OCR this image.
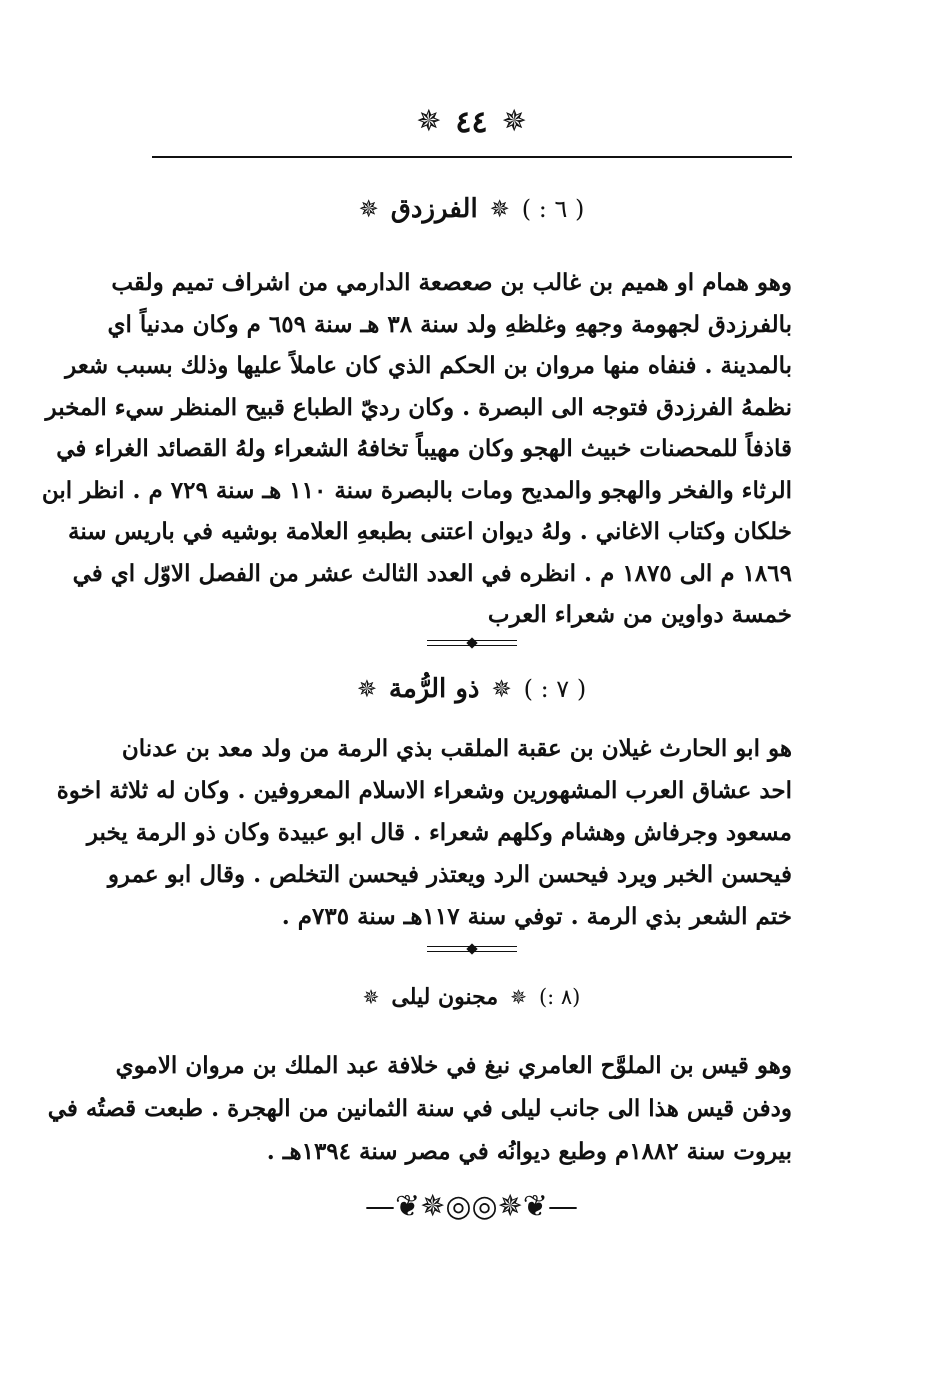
✵
٤٤
✵
( ٦ : )
✵
الفرزدق
✵
وهو همام او هميم بن غالب بن صعصعة الدارمي من اشراف تميم ولقب
بالفرزدق لجهومة وجههِ وغلظهِ ولد سنة ٣٨ هـ سنة ٦٥٩ م وكان مدنياً اي
بالمدينة . فنفاه منها مروان بن الحكم الذي كان عاملاً عليها وذلك بسبب شعر
نظمهُ الفرزدق فتوجه الى البصرة . وكان رديّ الطباع قبيح المنظر سيء المخبر
قاذفاً للمحصنات خبيث الهجو وكان مهيباً تخافهُ الشعراء ولهُ القصائد الغراء في
الرثاء والفخر والهجو والمديح ومات بالبصرة سنة ١١٠ هـ سنة ٧٢٩ م . انظر ابن
خلكان وكتاب الاغاني . ولهُ ديوان اعتنى بطبعهِ العلامة بوشيه في باريس سنة
١٨٦٩ م الى ١٨٧٥ م . انظره في العدد الثالث عشر من الفصل الاوّل اي في
خمسة دواوين من شعراء العرب
( ٧ : )
✵
ذو الرُّمة
✵
هو ابو الحارث غيلان بن عقبة الملقب بذي الرمة من ولد معد بن عدنان
احد عشاق العرب المشهورين وشعراء الاسلام المعروفين . وكان له ثلاثة اخوة
مسعود وجرفاش وهشام وكلهم شعراء . قال ابو عبيدة وكان ذو الرمة يخبر
فيحسن الخبر ويرد فيحسن الرد ويعتذر فيحسن التخلص . وقال ابو عمرو
ختم الشعر بذي الرمة . توفي سنة ١١٧هـ سنة ٧٣٥م .
(٨ :)
✵
مجنون ليلى
✵
وهو قيس بن الملوَّح العامري نبغ في خلافة عبد الملك بن مروان الاموي
ودفن قيس هذا الى جانب ليلى في سنة الثمانين من الهجرة . طبعت قصتُه في
بيروت سنة ١٨٨٢م وطبع ديوانُه في مصر سنة ١٣٩٤هـ .
—❦✵◎◎✵❦—
